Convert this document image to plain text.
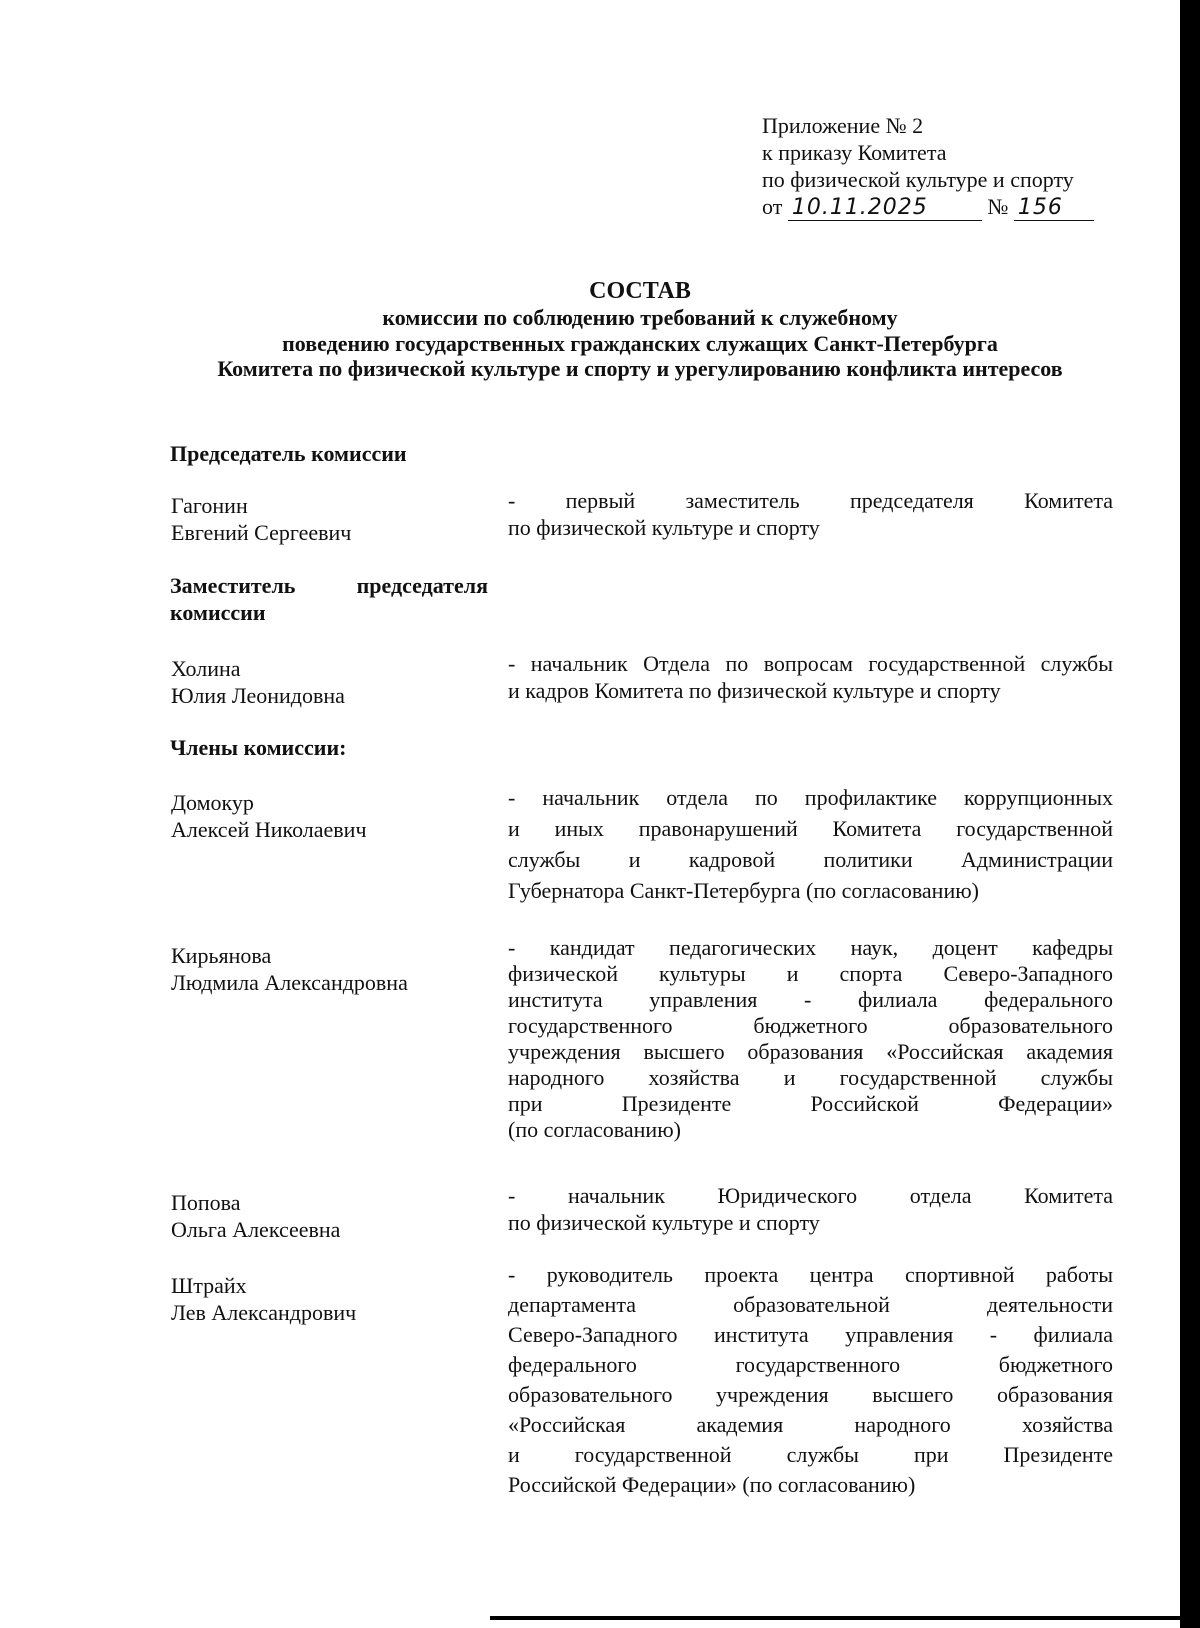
Приложение № 2
к приказу Комитета
по физической культуре и спорту
от 10.11.2025	№ 156
СОСТАВ
комиссии по соблюдению требований к служебному
поведению государственных гражданских служащих Санкт-Петербурга
Комитета по физической культуре и спорту и урегулированию конфликта интересов
Председатель комиссии
Гагонин
Евгений Сергеевич
- первый заместитель председателя Комитета
по физической культуре и спорту
Заместитель председателя
комиссии
Холина
Юлия Леонидовна
- начальник Отдела по вопросам государственной службы
и кадров Комитета по физической культуре и спорту
Члены комиссии:
Домокур
Алексей Николаевич
- начальник отдела по профилактике коррупционных
и иных правонарушений Комитета государственной
службы и кадровой политики Администрации
Губернатора Санкт-Петербурга (по согласованию)
Кирьянова
Людмила Александровна
- кандидат педагогических наук, доцент кафедры
физической культуры и спорта Северо-Западного
института управления - филиала федерального
государственного бюджетного образовательного
учреждения высшего образования «Российская академия
народного хозяйства и государственной службы
при Президенте Российской Федерации»
(по согласованию)
Попова
Ольга Алексеевна
- начальник Юридического отдела Комитета
по физической культуре и спорту
Штрайх
Лев Александрович
- руководитель проекта центра спортивной работы
департамента образовательной деятельности
Северо-Западного института управления - филиала
федерального государственного бюджетного
образовательного учреждения высшего образования
«Российская академия народного хозяйства
и государственной службы при Президенте
Российской Федерации» (по согласованию)
